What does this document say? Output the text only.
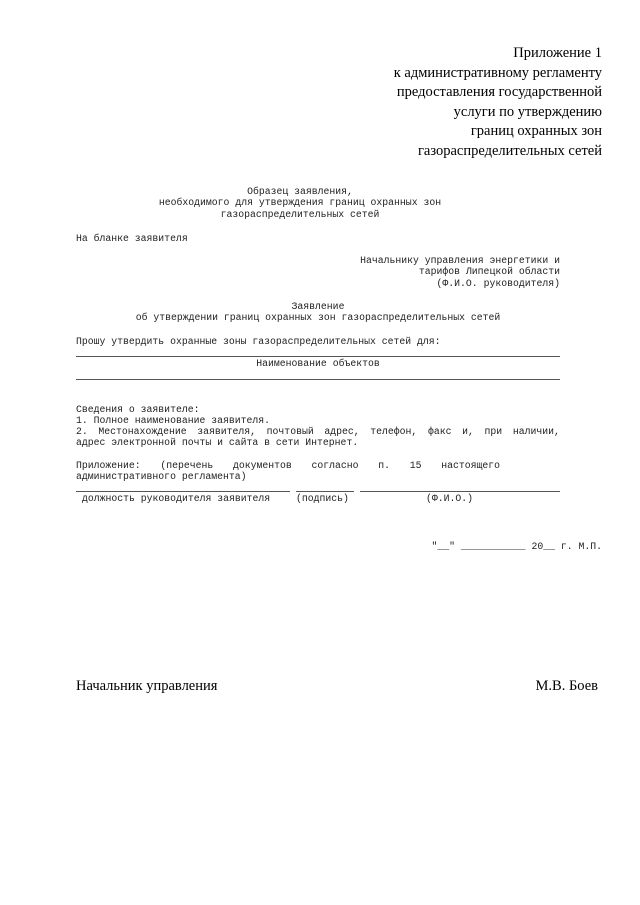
Приложение 1
к административному регламенту
предоставления государственной
услуги по утверждению
границ охранных зон
газораспределительных сетей
Образец заявления,
необходимого для утверждения границ охранных зон
газораспределительных сетей
На бланке заявителя
Начальнику управления энергетики и
тарифов Липецкой области
(Ф.И.О. руководителя)
Заявление
об утверждении границ охранных зон газораспределительных сетей
Прошу утвердить охранные зоны газораспределительных сетей для:
Наименование объектов
Сведения о заявителе:
1. Полное наименование заявителя.
2. Местонахождение заявителя, почтовый адрес, телефон, факс и, при наличии,
адрес электронной почты и сайта в сети Интернет.
Приложение: (перечень документов согласно п. 15 настоящего
административного регламента)
должность руководителя заявителя	(подпись)	(Ф.И.О.)
"__" ___________ 20__ г. М.П.
Начальник управления	М.В. Боев
